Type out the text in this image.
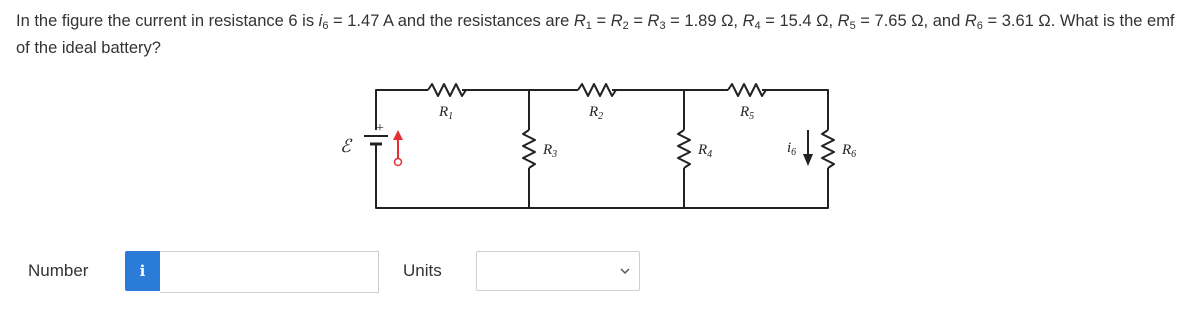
In the figure the current in resistance 6 is $i_6 = 1.47$ A and the resistances are $R_1 = R_2 = R_3 = 1.89$ Ω, $R_4 = 15.4$ Ω, $R_5 = 7.65$ Ω, and $R_6 = 3.61$ Ω. What is the emf of the ideal battery?
ℰ
+
$R_1$	$R_2$	$R_5$
$R_3$	$R_4$	$R_6$
$i_6$
Number	i	Units
